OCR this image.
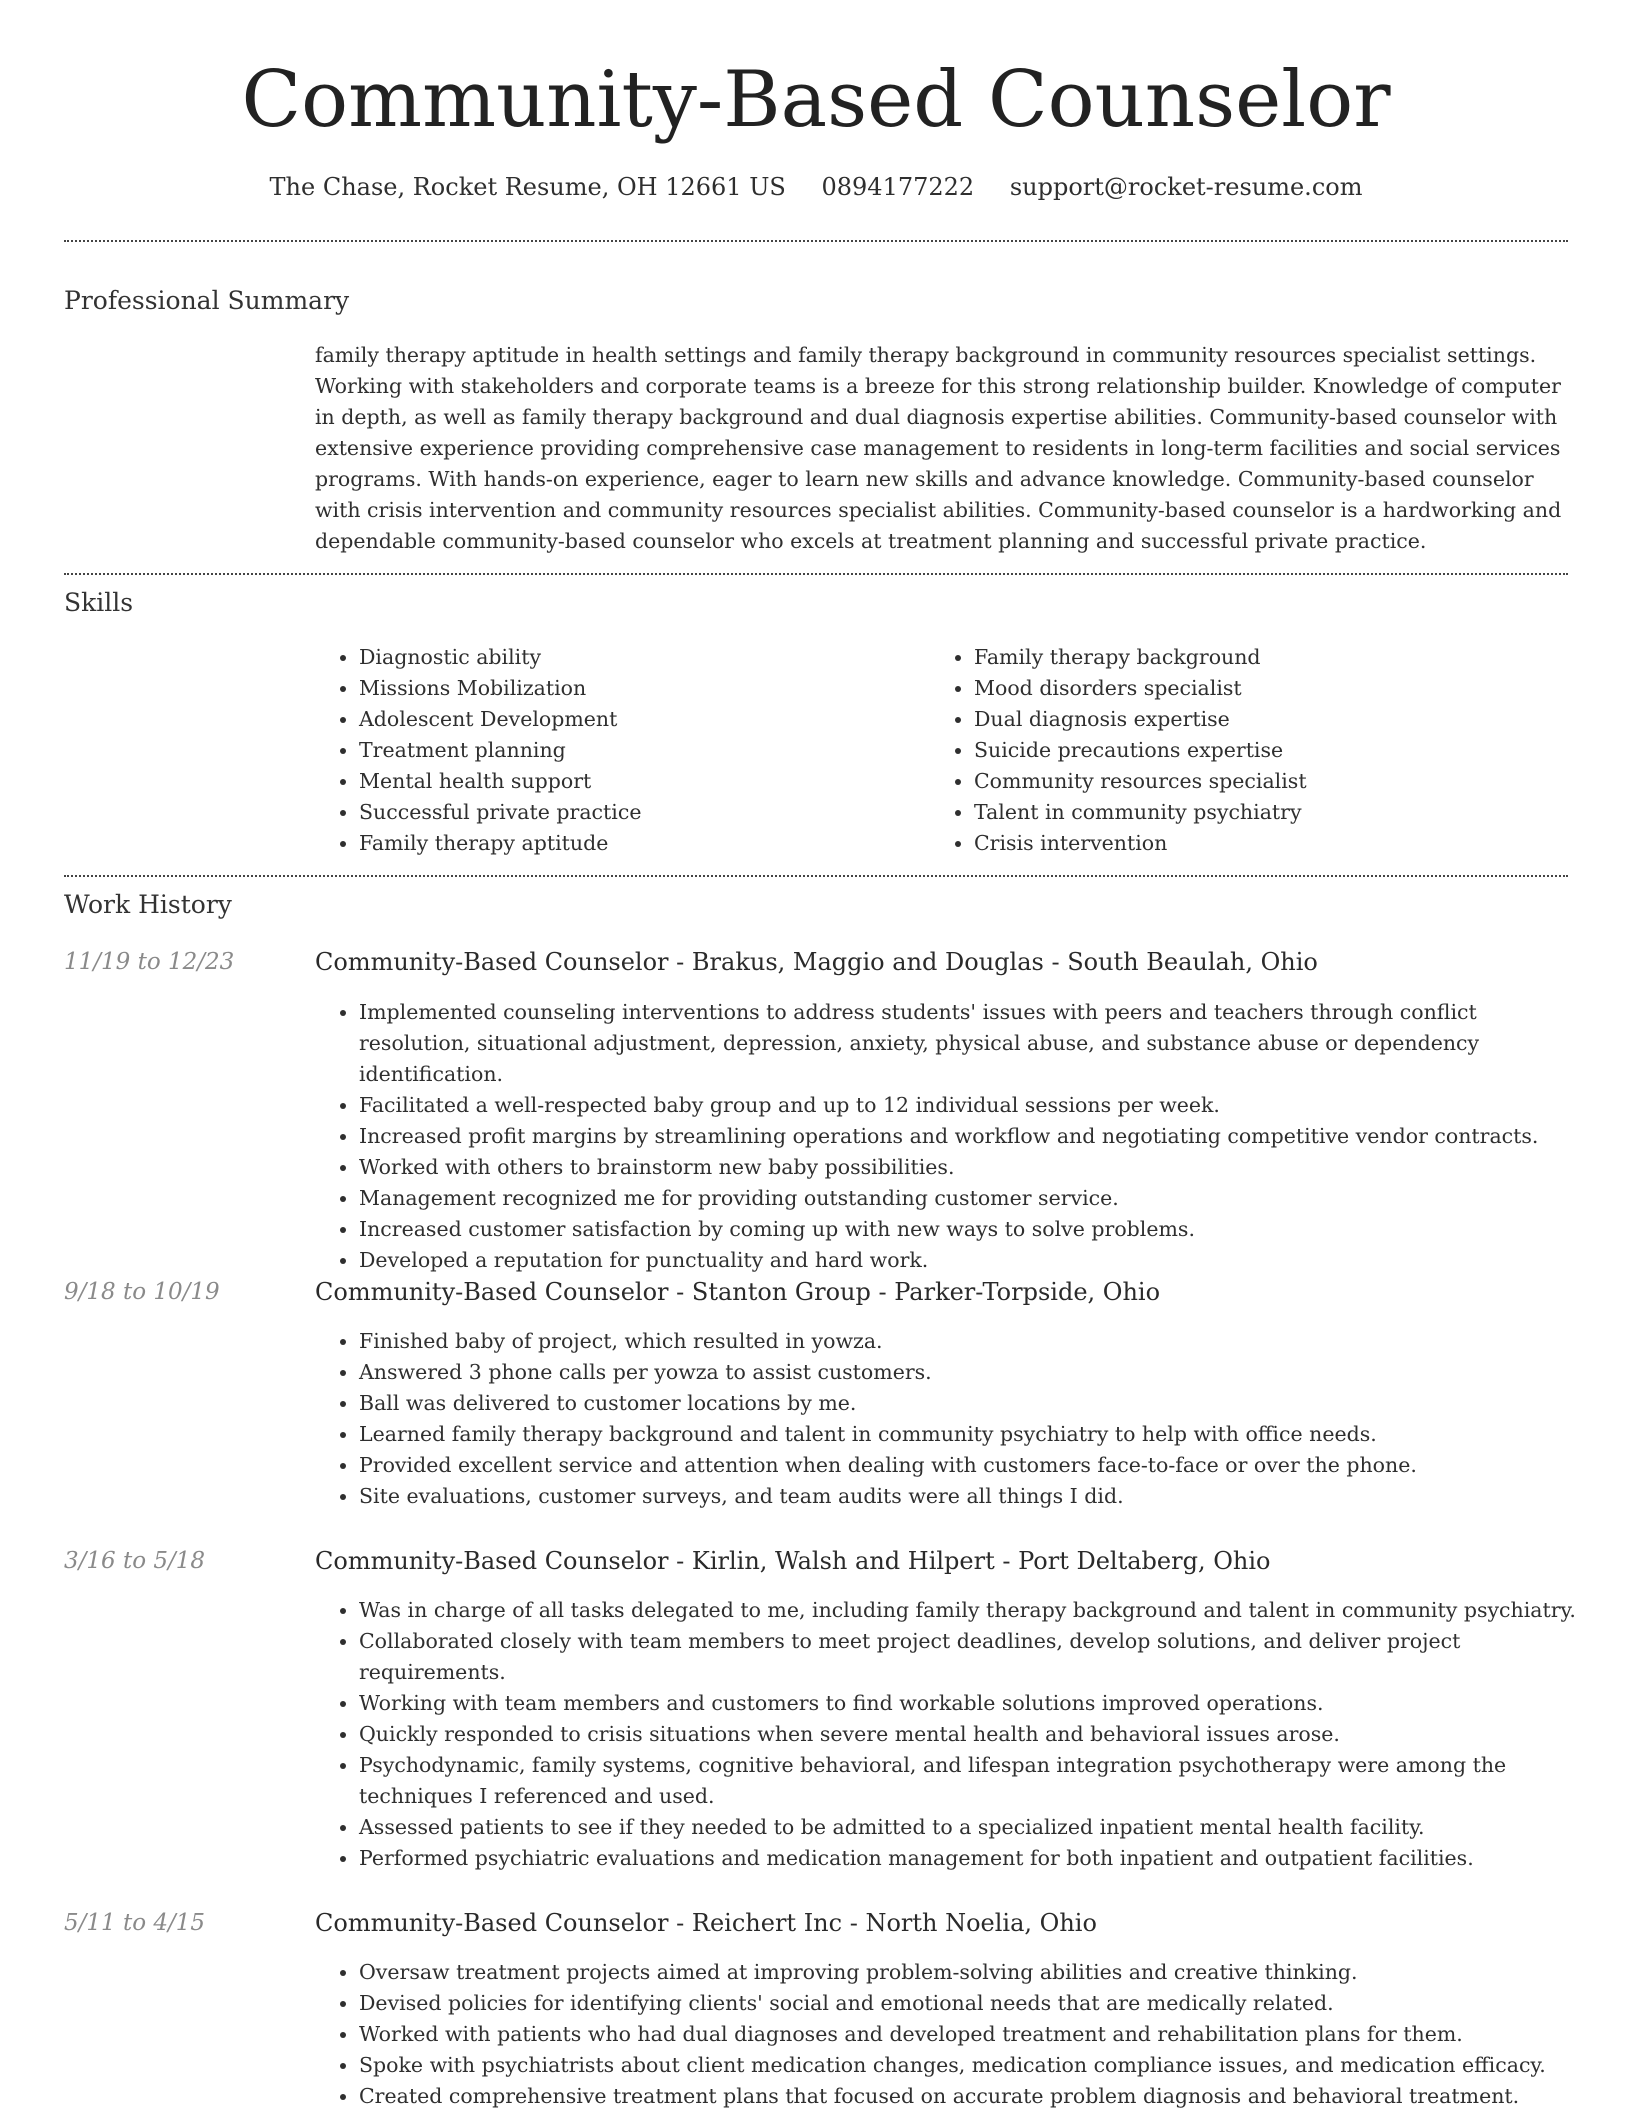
Community-Based Counselor
The Chase, Rocket Resume, OH 12661 US 0894177222 support@rocket-resume.com
Professional Summary
family therapy aptitude in health settings and family therapy background in community resources specialist settings. Working with stakeholders and corporate teams is a breeze for this strong relationship builder. Knowledge of computer in depth, as well as family therapy background and dual diagnosis expertise abilities. Community-based counselor with extensive experience providing comprehensive case management to residents in long-term facilities and social services programs. With hands-on experience, eager to learn new skills and advance knowledge. Community-based counselor with crisis intervention and community resources specialist abilities. Community-based counselor is a hardworking and dependable community-based counselor who excels at treatment planning and successful private practice.
Skills
• Diagnostic ability
• Missions Mobilization
• Adolescent Development
• Treatment planning
• Mental health support
• Successful private practice
• Family therapy aptitude
• Family therapy background
• Mood disorders specialist
• Dual diagnosis expertise
• Suicide precautions expertise
• Community resources specialist
• Talent in community psychiatry
• Crisis intervention
Work History
11/19 to 12/23	Community-Based Counselor - Brakus, Maggio and Douglas - South Beaulah, Ohio
• Implemented counseling interventions to address students' issues with peers and teachers through conflict resolution, situational adjustment, depression, anxiety, physical abuse, and substance abuse or dependency identification.
• Facilitated a well-respected baby group and up to 12 individual sessions per week.
• Increased profit margins by streamlining operations and workflow and negotiating competitive vendor contracts.
• Worked with others to brainstorm new baby possibilities.
• Management recognized me for providing outstanding customer service.
• Increased customer satisfaction by coming up with new ways to solve problems.
• Developed a reputation for punctuality and hard work.
9/18 to 10/19	Community-Based Counselor - Stanton Group - Parker-Torpside, Ohio
• Finished baby of project, which resulted in yowza.
• Answered 3 phone calls per yowza to assist customers.
• Ball was delivered to customer locations by me.
• Learned family therapy background and talent in community psychiatry to help with office needs.
• Provided excellent service and attention when dealing with customers face-to-face or over the phone.
• Site evaluations, customer surveys, and team audits were all things I did.
3/16 to 5/18	Community-Based Counselor - Kirlin, Walsh and Hilpert - Port Deltaberg, Ohio
• Was in charge of all tasks delegated to me, including family therapy background and talent in community psychiatry.
• Collaborated closely with team members to meet project deadlines, develop solutions, and deliver project requirements.
• Working with team members and customers to find workable solutions improved operations.
• Quickly responded to crisis situations when severe mental health and behavioral issues arose.
• Psychodynamic, family systems, cognitive behavioral, and lifespan integration psychotherapy were among the techniques I referenced and used.
• Assessed patients to see if they needed to be admitted to a specialized inpatient mental health facility.
• Performed psychiatric evaluations and medication management for both inpatient and outpatient facilities.
5/11 to 4/15	Community-Based Counselor - Reichert Inc - North Noelia, Ohio
• Oversaw treatment projects aimed at improving problem-solving abilities and creative thinking.
• Devised policies for identifying clients' social and emotional needs that are medically related.
• Worked with patients who had dual diagnoses and developed treatment and rehabilitation plans for them.
• Spoke with psychiatrists about client medication changes, medication compliance issues, and medication efficacy.
• Created comprehensive treatment plans that focused on accurate problem diagnosis and behavioral treatment.
